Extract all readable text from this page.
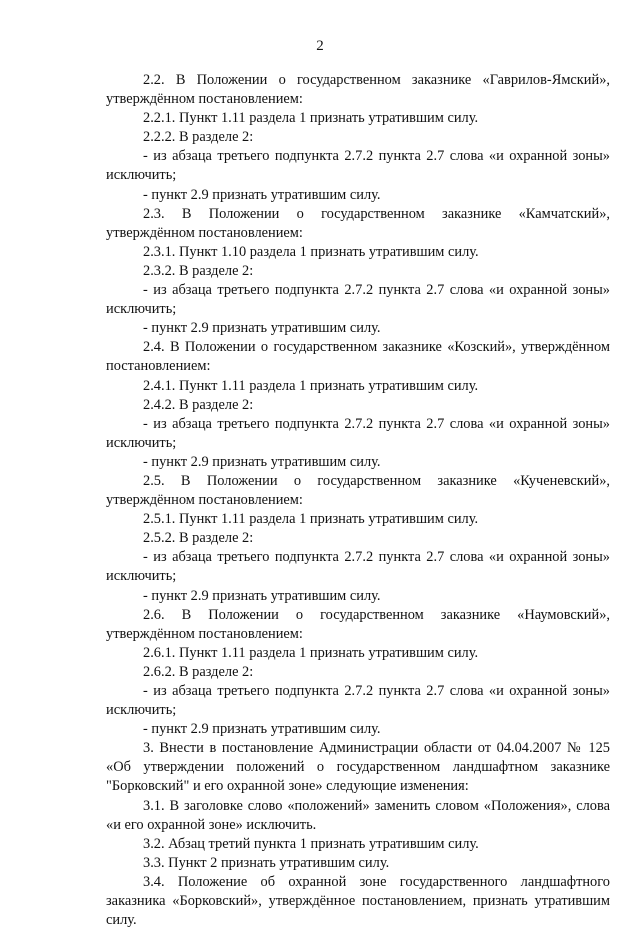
2

2.2. В Положении о государственном заказнике «Гаврилов-Ямский», утверждённом постановлением:

2.2.1. Пункт 1.11 раздела 1 признать утратившим силу.

2.2.2. В разделе 2:

- из абзаца третьего подпункта 2.7.2 пункта 2.7 слова «и охранной зоны» исключить;

- пункт 2.9 признать утратившим силу.

2.3. В Положении о государственном заказнике «Камчатский», утверждённом постановлением:

2.3.1. Пункт 1.10 раздела 1 признать утратившим силу.

2.3.2. В разделе 2:

- из абзаца третьего подпункта 2.7.2 пункта 2.7 слова «и охранной зоны» исключить;

- пункт 2.9 признать утратившим силу.

2.4. В Положении о государственном заказнике «Козский», утверждённом постановлением:

2.4.1. Пункт 1.11 раздела 1 признать утратившим силу.

2.4.2. В разделе 2:

- из абзаца третьего подпункта 2.7.2 пункта 2.7 слова «и охранной зоны» исключить;

- пункт 2.9 признать утратившим силу.

2.5. В Положении о государственном заказнике «Кученевский», утверждённом постановлением:

2.5.1. Пункт 1.11 раздела 1 признать утратившим силу.

2.5.2. В разделе 2:

- из абзаца третьего подпункта 2.7.2 пункта 2.7 слова «и охранной зоны» исключить;

- пункт 2.9 признать утратившим силу.

2.6. В Положении о государственном заказнике «Наумовский», утверждённом постановлением:

2.6.1. Пункт 1.11 раздела 1 признать утратившим силу.

2.6.2. В разделе 2:

- из абзаца третьего подпункта 2.7.2 пункта 2.7 слова «и охранной зоны» исключить;

- пункт 2.9 признать утратившим силу.

3. Внести в постановление Администрации области от 04.04.2007 № 125 «Об утверждении положений о государственном ландшафтном заказнике "Борковский" и его охранной зоне» следующие изменения:

3.1. В заголовке слово «положений» заменить словом «Положения», слова «и его охранной зоне» исключить.

3.2. Абзац третий пункта 1 признать утратившим силу.

3.3. Пункт 2 признать утратившим силу.

3.4. Положение об охранной зоне государственного ландшафтного заказника «Борковский», утверждённое постановлением, признать утратившим силу.
